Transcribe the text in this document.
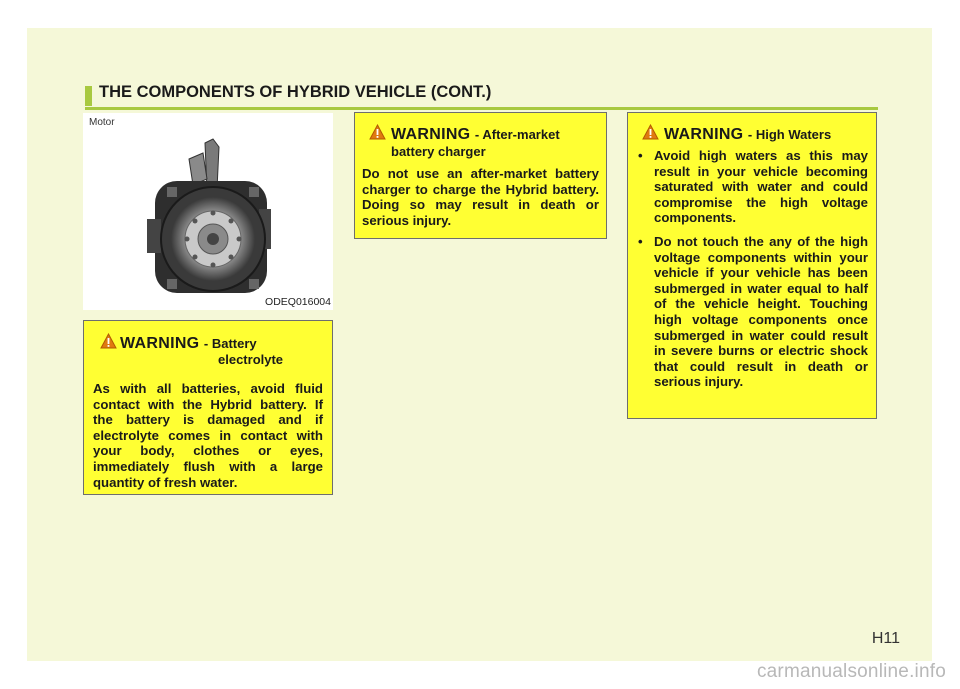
THE COMPONENTS OF HYBRID VEHICLE (CONT.)
Motor
ODEQ016004
WARNING - Battery
electrolyte
As with all batteries, avoid fluid contact with the Hybrid battery. If the battery is damaged and if electrolyte comes in contact with your body, clothes or eyes, immediately flush with a large quantity of fresh water.
WARNING - After-market
battery charger
Do not use an after-market battery charger to charge the Hybrid battery. Doing so may result in death or serious injury.
WARNING - High Waters
• Avoid high waters as this may result in your vehicle becoming saturated with water and could compromise the high voltage components.
• Do not touch the any of the high voltage components within your vehicle if your vehicle has been submerged in water equal to half of the vehicle height. Touching high voltage components once submerged in water could result in severe burns or electric shock that could result in death or serious injury.
H11
carmanualsonline.info
